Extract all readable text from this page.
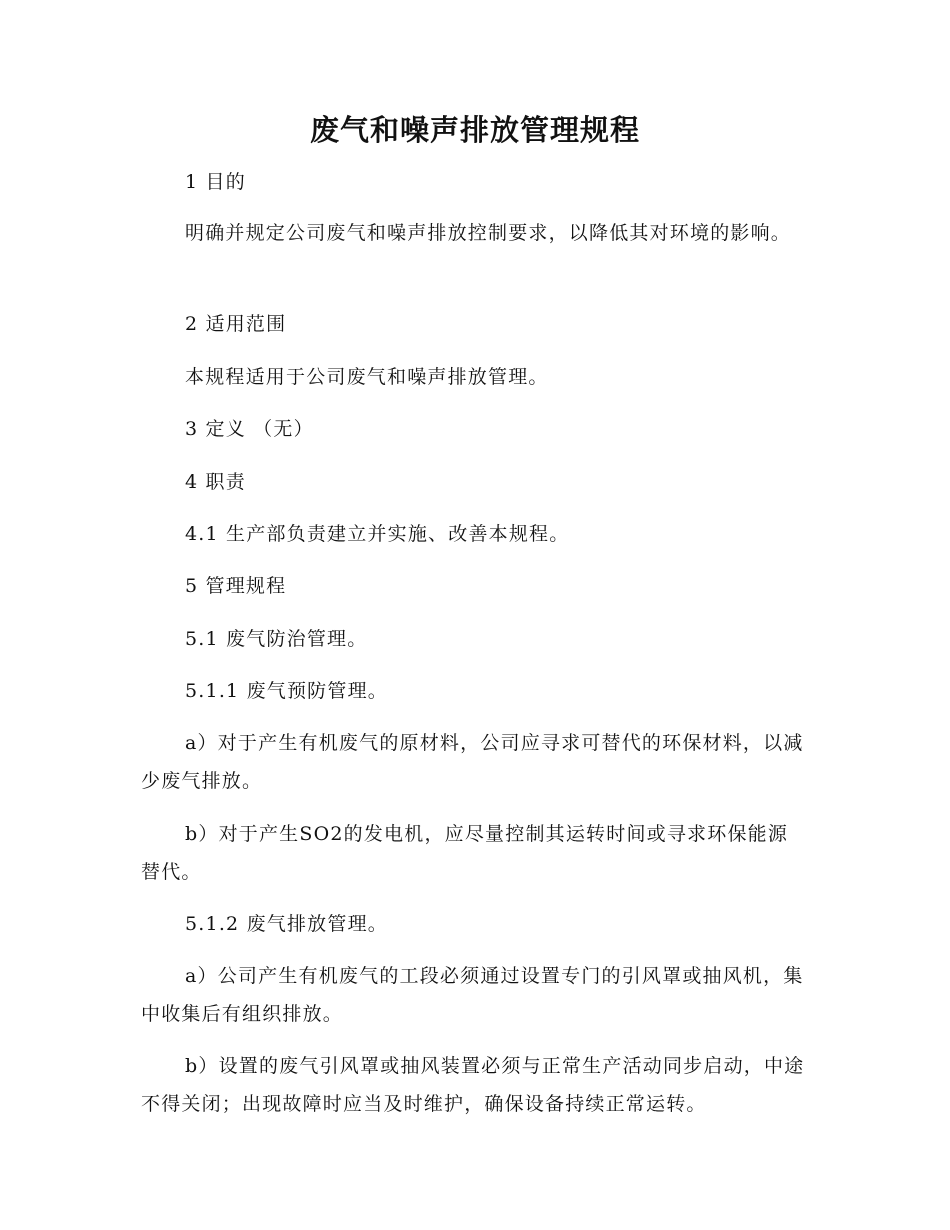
废气和噪声排放管理规程
1 目的
明确并规定公司废气和噪声排放控制要求，以降低其对环境的影响。
2 适用范围
本规程适用于公司废气和噪声排放管理。
3 定义 （无）
4 职责
4.1 生产部负责建立并实施、改善本规程。
5 管理规程
5.1 废气防治管理。
5.1.1 废气预防管理。
a）对于产生有机废气的原材料，公司应寻求可替代的环保材料，以减少废气排放。
b）对于产生SO2的发电机，应尽量控制其运转时间或寻求环保能源替代。
5.1.2 废气排放管理。
a）公司产生有机废气的工段必须通过设置专门的引风罩或抽风机，集中收集后有组织排放。
b）设置的废气引风罩或抽风装置必须与正常生产活动同步启动，中途不得关闭；出现故障时应当及时维护，确保设备持续正常运转。
